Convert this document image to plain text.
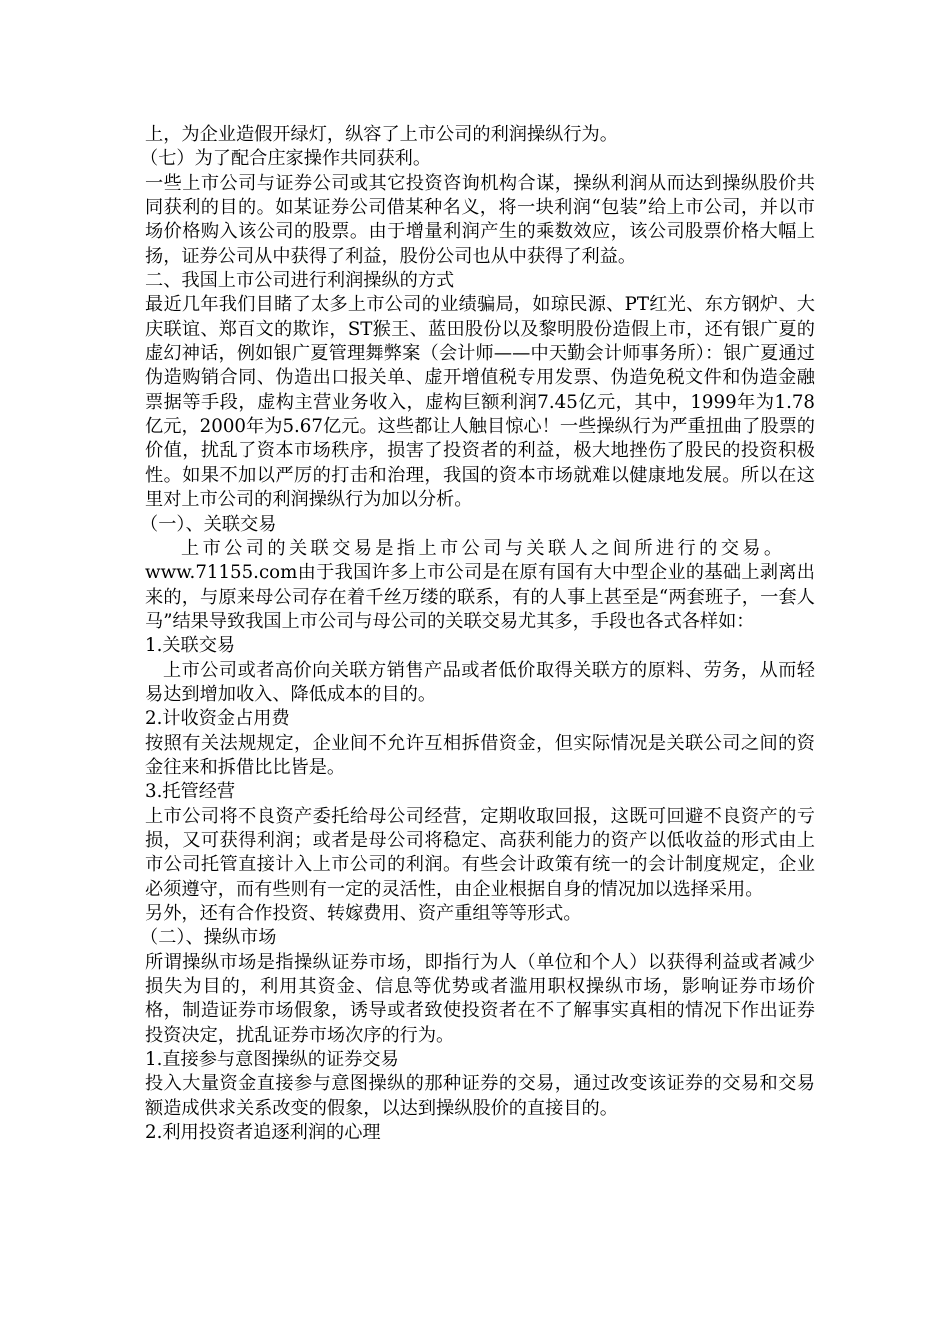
上，为企业造假开绿灯，纵容了上市公司的利润操纵行为。

（七）为了配合庄家操作共同获利。

一些上市公司与证券公司或其它投资咨询机构合谋，操纵利润从而达到操纵股价共同获利的目的。如某证券公司借某种名义，将一块利润“包装”给上市公司，并以市场价格购入该公司的股票。由于增量利润产生的乘数效应，该公司股票价格大幅上扬，证券公司从中获得了利益，股份公司也从中获得了利益。

二、我国上市公司进行利润操纵的方式

最近几年我们目睹了太多上市公司的业绩骗局，如琼民源、PT红光、东方钢炉、大庆联谊、郑百文的欺诈，ST猴王、蓝田股份以及黎明股份造假上市，还有银广夏的虚幻神话，例如银广夏管理舞弊案（会计师——中天勤会计师事务所）：银广夏通过伪造购销合同、伪造出口报关单、虚开增值税专用发票、伪造免税文件和伪造金融票据等手段，虚构主营业务收入，虚构巨额利润7.45亿元，其中，1999年为1.78亿元，2000年为5.67亿元。这些都让人触目惊心！一些操纵行为严重扭曲了股票的价值，扰乱了资本市场秩序，损害了投资者的利益，极大地挫伤了股民的投资积极性。如果不加以严厉的打击和治理，我国的资本市场就难以健康地发展。所以在这里对上市公司的利润操纵行为加以分析。

（一）、关联交易

上市公司的关联交易是指上市公司与关联人之间所进行的交易。

www.71155.com由于我国许多上市公司是在原有国有大中型企业的基础上剥离出来的，与原来母公司存在着千丝万缕的联系，有的人事上甚至是“两套班子，一套人马”结果导致我国上市公司与母公司的关联交易尤其多，手段也各式各样如：

1.关联交易

上市公司或者高价向关联方销售产品或者低价取得关联方的原料、劳务，从而轻易达到增加收入、降低成本的目的。

2.计收资金占用费

按照有关法规规定，企业间不允许互相拆借资金，但实际情况是关联公司之间的资金往来和拆借比比皆是。

3.托管经营

上市公司将不良资产委托给母公司经营，定期收取回报，这既可回避不良资产的亏损，又可获得利润；或者是母公司将稳定、高获利能力的资产以低收益的形式由上市公司托管直接计入上市公司的利润。有些会计政策有统一的会计制度规定，企业必须遵守，而有些则有一定的灵活性，由企业根据自身的情况加以选择采用。

另外，还有合作投资、转嫁费用、资产重组等等形式。

（二）、操纵市场

所谓操纵市场是指操纵证券市场，即指行为人（单位和个人）以获得利益或者减少损失为目的，利用其资金、信息等优势或者滥用职权操纵市场，影响证券市场价格，制造证券市场假象，诱导或者致使投资者在不了解事实真相的情况下作出证券投资决定，扰乱证券市场次序的行为。

1.直接参与意图操纵的证券交易

投入大量资金直接参与意图操纵的那种证券的交易，通过改变该证券的交易和交易额造成供求关系改变的假象，以达到操纵股价的直接目的。

2.利用投资者追逐利润的心理
